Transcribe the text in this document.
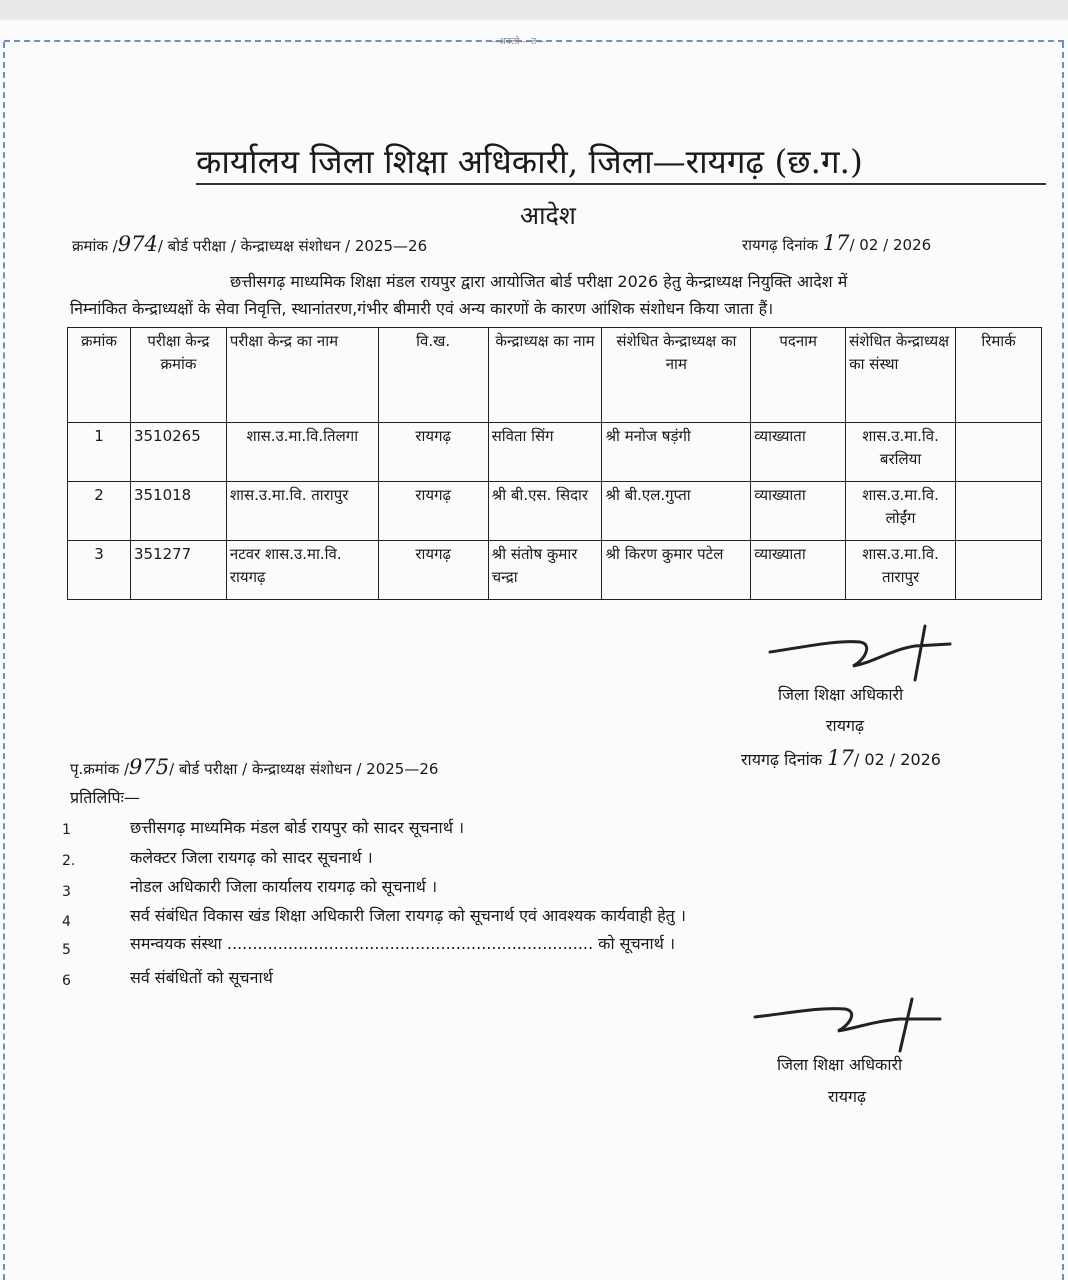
—अवलो— त—
कार्यालय जिला शिक्षा अधिकारी, जिला—रायगढ़ (छ.ग.)
आदेश
क्रमांक /974/ बोर्ड परीक्षा / केन्द्राध्यक्ष संशोधन / 2025—26	रायगढ़ दिनांक 17/ 02 / 2026
छत्तीसगढ़ माध्यमिक शिक्षा मंडल रायपुर द्वारा आयोजित बोर्ड परीक्षा 2026 हेतु केन्द्राध्यक्ष नियुक्ति आदेश में
निम्नांकित केन्द्राध्यक्षों के सेवा निवृत्ति, स्थानांतरण,गंभीर बीमारी एवं अन्य कारणों के कारण आंशिक संशोधन किया जाता हैं।
क्रमांक	परीक्षा केन्द्र क्रमांक	परीक्षा केन्द्र का नाम	वि.ख.	केन्द्राध्यक्ष का नाम	संशेधित केन्द्राध्यक्ष का नाम	पदनाम	संशेधित केन्द्राध्यक्ष का संस्था	रिमार्क
1	3510265	शास.उ.मा.वि.तिलगा	रायगढ़	सविता सिंग	श्री मनोज षड़ंगी	व्याख्याता	शास.उ.मा.वि. बरलिया	
2	351018	शास.उ.मा.वि. तारापुर	रायगढ़	श्री बी.एस. सिदार	श्री बी.एल.गुप्ता	व्याख्याता	शास.उ.मा.वि. लोईंग	
3	351277	नटवर शास.उ.मा.वि. रायगढ़	रायगढ़	श्री संतोष कुमार चन्द्रा	श्री किरण कुमार पटेल	व्याख्याता	शास.उ.मा.वि. तारापुर	
जिला शिक्षा अधिकारी
रायगढ़
रायगढ़ दिनांक 17/ 02 / 2026
पृ.क्रमांक /975/ बोर्ड परीक्षा / केन्द्राध्यक्ष संशोधन / 2025—26
प्रतिलिपिः—
1	छत्तीसगढ़ माध्यमिक मंडल बोर्ड रायपुर को सादर सूचनार्थ ।
2.	कलेक्टर जिला रायगढ़ को सादर सूचनार्थ ।
3	नोडल अधिकारी जिला कार्यालय रायगढ़ को सूचनार्थ ।
4	सर्व संबंधित विकास खंड शिक्षा अधिकारी जिला रायगढ़ को सूचनार्थ एवं आवश्यक कार्यवाही हेतु ।
5	समन्वयक संस्था ........................................................................ को सूचनार्थ ।
6	सर्व संबंधितों को सूचनार्थ
जिला शिक्षा अधिकारी
रायगढ़
